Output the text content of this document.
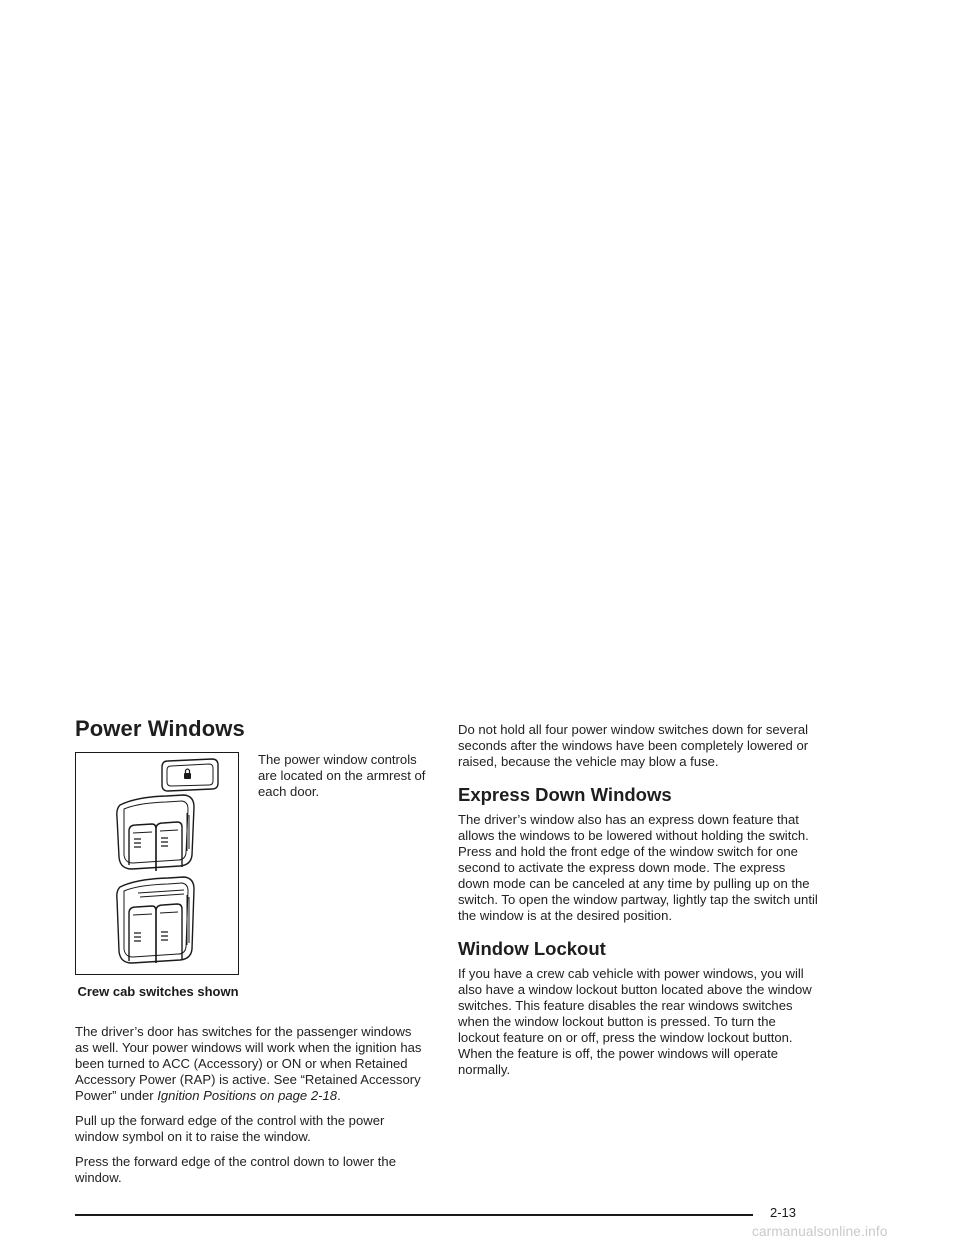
Power Windows
Crew cab switches shown

The power window controls are located on the armrest of each door.

The driver’s door has switches for the passenger windows as well. Your power windows will work when the ignition has been turned to ACC (Accessory) or ON or when Retained Accessory Power (RAP) is active. See “Retained Accessory Power” under Ignition Positions on page 2-18.

Pull up the forward edge of the control with the power window symbol on it to raise the window.

Press the forward edge of the control down to lower the window.

Do not hold all four power window switches down for several seconds after the windows have been completely lowered or raised, because the vehicle may blow a fuse.

Express Down Windows

The driver’s window also has an express down feature that allows the windows to be lowered without holding the switch. Press and hold the front edge of the window switch for one second to activate the express down mode. The express down mode can be canceled at any time by pulling up on the switch. To open the window partway, lightly tap the switch until the window is at the desired position.

Window Lockout

If you have a crew cab vehicle with power windows, you will also have a window lockout button located above the window switches. This feature disables the rear windows switches when the window lockout button is pressed. To turn the lockout feature on or off, press the window lockout button. When the feature is off, the power windows will operate normally.

2-13
carmanualsonline.info
